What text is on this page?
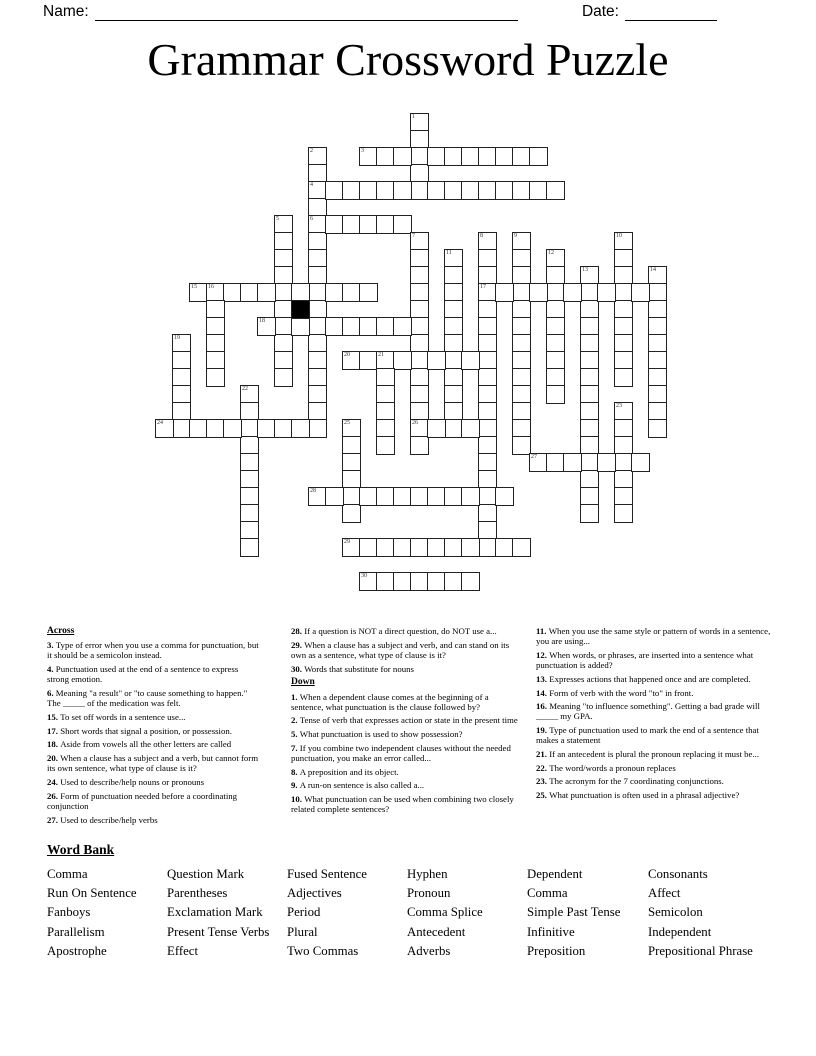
Name:	Date:
Grammar Crossword Puzzle
1
2
4
6
3
5
7
26
8
17
9	10
11	12
13	14
15 16
18
19
20	21
22
23
24	25
27
28
29
30

Across

3. Type of error when you use a comma for punctuation, but it should be a semicolon instead.

4. Punctuation used at the end of a sentence to express strong emotion.

6. Meaning "a result" or "to cause something to happen." The _____ of the medication was felt.

15. To set off words in a sentence use...

17. Short words that signal a position, or possession.

18. Aside from vowels all the other letters are called

20. When a clause has a subject and a verb, but cannot form its own sentence, what type of clause is it?

24. Used to describe/help nouns or pronouns

26. Form of punctuation needed before a coordinating conjunction

27. Used to describe/help verbs

28. If a question is NOT a direct question, do NOT use a...

29. When a clause has a subject and verb, and can stand on its own as a sentence, what type of clause is it?

30. Words that substitute for nouns

Down

1. When a dependent clause comes at the beginning of a sentence, what punctuation is the clause followed by?

2. Tense of verb that expresses action or state in the present time

5. What punctuation is used to show possession?

7. If you combine two independent clauses without the needed punctuation, you make an error called...

8. A preposition and its object.

9. A run-on sentence is also called a...

10. What punctuation can be used when combining two closely related complete sentences?

11. When you use the same style or pattern of words in a sentence, you are using...

12. When words, or phrases, are inserted into a sentence what punctuation is added?

13. Expresses actions that happened once and are completed.

14. Form of verb with the word "to" in front.

16. Meaning "to influence something". Getting a bad grade will _____ my GPA.

19. Type of punctuation used to mark the end of a sentence that makes a statement

21. If an antecedent is plural the pronoun replacing it must be...

22. The word/words a pronoun replaces

23. The acronym for the 7 coordinating conjunctions.

25. What punctuation is often used in a phrasal adjective?

Word Bank
Comma	Question Mark	Fused Sentence	Hyphen	Dependent	Consonants
Run On Sentence	Parentheses	Adjectives	Pronoun	Comma	Affect
Fanboys	Exclamation Mark	Period	Comma Splice	Simple Past Tense	Semicolon
Parallelism	Present Tense Verbs	Plural	Antecedent	Infinitive	Independent
Apostrophe	Effect	Two Commas	Adverbs	Preposition	Prepositional Phrase
